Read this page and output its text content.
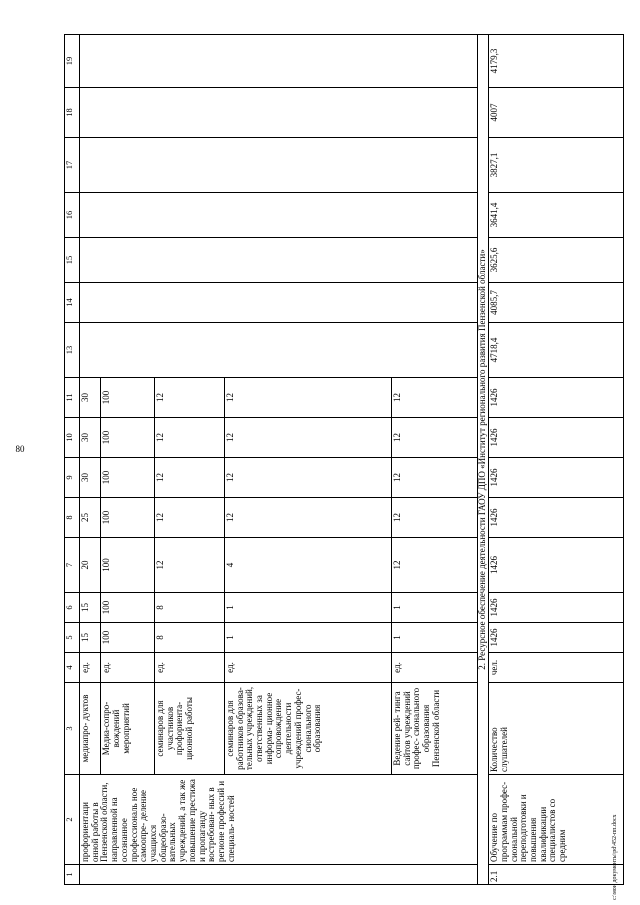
80
1	2	3	4	5	6	7	8	9	10	11	13	14	15	16	17	18	19
	профориентаци онной работы в Пензенской области, направленной на осознанное профессиональ ное самоопре- деление учащихся общеобразо- вательных учреждений, а так же повышение престижа и пропаганду востребован- ных в регионе профессий и специаль- ностей	медиапро- дуктов	ед.	15	15	20	25	30	30	30							
		Медиа-сопро- вождений мероприятий	ед.	100	100	100	100	100	100	100							
		семинаров для участников профориента- ционной работы	ед.	8	8	12	12	12	12	12							
		семинаров для работников образова- тельных учреждений, ответственных за информа- ционное сопровождение деятельности учреждений профес- сионального образования	ед.	1	1	4	12	12	12	12							
		Ведение рей- тинга сайтов учреждений профес- сионального образования Пензенской области	ед.	1	1	12	12	12	12	12							
2. Ресурсное обеспечение деятельности ГАОУ ДПО «Институт регионального развития Пензенской области»																	
2.1	Обучение по программам профес- сиональной переподготовки и повышения квалификации специалистов со средним	Количество слушателей	чел.	1426	1426	1426	1426	1426	1426	1426	4718,4	4085,7	3625,6	3641,4	3827,1	4007	4179,3
c:\мои документы\pd\452-пп.docx
